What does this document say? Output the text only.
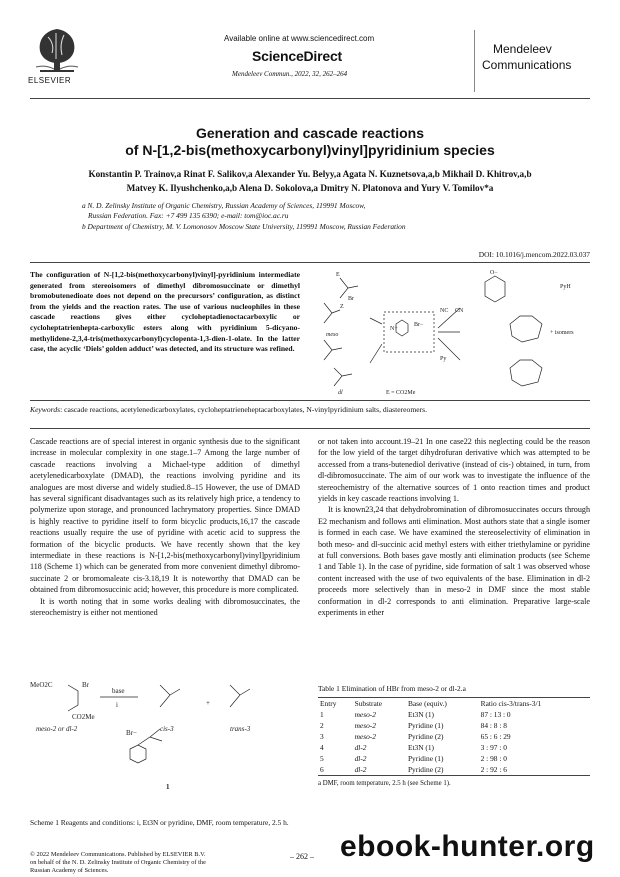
ELSEVIER
Available online at www.sciencedirect.com
ScienceDirect
Mendeleev Commun., 2022, 32, 262–264
Mendeleev
Communications
Generation and cascade reactions
of N-[1,2-bis(methoxycarbonyl)vinyl]pyridinium species
Konstantin P. Trainov,a Rinat F. Salikov,a Alexander Yu. Belyy,a Agata N. Kuznetsova,a,b Mikhail D. Khitrov,a,b
Matvey K. Ilyushchenko,a,b Alena D. Sokolova,a Dmitry N. Platonova and Yury V. Tomilov*a
a N. D. Zelinsky Institute of Organic Chemistry, Russian Academy of Sciences, 119991 Moscow,
Russian Federation. Fax: +7 499 135 6390; e-mail: tom@ioc.ac.ru
b Department of Chemistry, M. V. Lomonosov Moscow State University, 119991 Moscow, Russian Federation
DOI: 10.1016/j.mencom.2022.03.037
The configuration of N-[1,2-bis(methoxycarbonyl)vinyl]-pyridinium intermediate generated from stereoisomers of dimethyl dibromosuccinate or dimethyl bromobutenedioate does not depend on the precursors’ configuration, as distinct from the yields and the reaction rates. The use of various nucleophiles in these cascade reactions gives either cycloheptadienoctacarboxylic or cycloheptatrienhepta-carboxylic esters along with pyridinium 5-dicyano-methylidene-2,3,4-tris(methoxycarbonyl)cyclopenta-1,3-dien-1-olate. In the latter case, the acyclic ‘Diels’ golden adduct’ was detected, and its structure was refined.
E
Br
meso
dl
Z
NC CN
+ isomers
E = CO2Me
Py
N+
Br−
O−
PyH
Keywords: cascade reactions, acetylenedicarboxylates, cycloheptatrieneheptacarboxylates, N-vinylpyridinium salts, diastereomers.

Cascade reactions are of special interest in organic synthesis due to the significant increase in molecular complexity in one stage.1–7 Among the large number of cascade reactions involving a Michael-type addition of dimethyl acetylenedicarboxylate (DMAD), the reactions involving pyridine and its analogues are most diverse and widely studied.8–15 However, the use of DMAD has several significant disadvantages such as its relatively high price, a tendency to polymerize upon storage, and pronounced lachrymatory properties. Since DMAD is highly reactive to pyridine itself to form bicyclic products,16,17 the cascade reactions usually require the use of pyridine with acetic acid to suppress the formation of the bicyclic products. We have recently shown that the key intermediate in these reactions is N-[1,2-bis(methoxycarbonyl)vinyl]pyridinium 118 (Scheme 1) which can be generated from more convenient dimethyl dibromo-succinate 2 or bromomaleate cis-3.18,19 It is noteworthy that DMAD can be obtained from dibromosuccinic acid; however, this procedure is more complicated.

It is worth noting that in some works dealing with dibromosuccinates, the stereochemistry is either not mentioned

MeO2C	Br
CO2Me
meso-2 or dl-2
base
i
cis-3	trans-3
+
Br−
1
Scheme 1 Reagents and conditions: i, Et3N or pyridine, DMF, room temperature, 2.5 h.

or not taken into account.19–21 In one case22 this neglecting could be the reason for the low yield of the target dihydrofuran derivative which was attempted to be accessed from a trans-butenediol derivative (instead of cis-) obtained, in turn, from dl-dibromosuccinate. The aim of our work was to investigate the influence of the stereochemistry of the alternative sources of 1 onto reaction times and product yields in key cascade reactions involving 1.

It is known23,24 that dehydrobromination of dibromosuccinates occurs through E2 mechanism and follows anti elimination. Most authors state that a single isomer is formed in each case. We have examined the stereoselectivity of elimination in both meso- and dl-succinic acid methyl esters with either triethylamine or pyridine at full conversions. Both bases gave mostly anti elimination products (see Scheme 1 and Table 1). In the case of pyridine, side formation of salt 1 was observed whose content increased with the use of two equivalents of the base. Elimination in dl-2 proceeds more selectively than in meso-2 in DMF since the most stable conformation in dl-2 corresponds to anti elimination. Preparative large-scale experiments in ether

Table 1 Elimination of HBr from meso-2 or dl-2.a
Entry	Substrate	Base (equiv.)	Ratio cis-3/trans-3/1
1	meso-2	Et3N (1)	87 : 13 : 0
2	meso-2	Pyridine (1)	84 : 8 : 8
3	meso-2	Pyridine (2)	65 : 6 : 29
4	dl-2	Et3N (1)	3 : 97 : 0
5	dl-2	Pyridine (1)	2 : 98 : 0
6	dl-2	Pyridine (2)	2 : 92 : 6
a DMF, room temperature, 2.5 h (see Scheme 1).
© 2022 Mendeleev Communications. Published by ELSEVIER B.V.
on behalf of the N. D. Zelinsky Institute of Organic Chemistry of the
Russian Academy of Sciences.
– 262 – ebook-hunter.org
